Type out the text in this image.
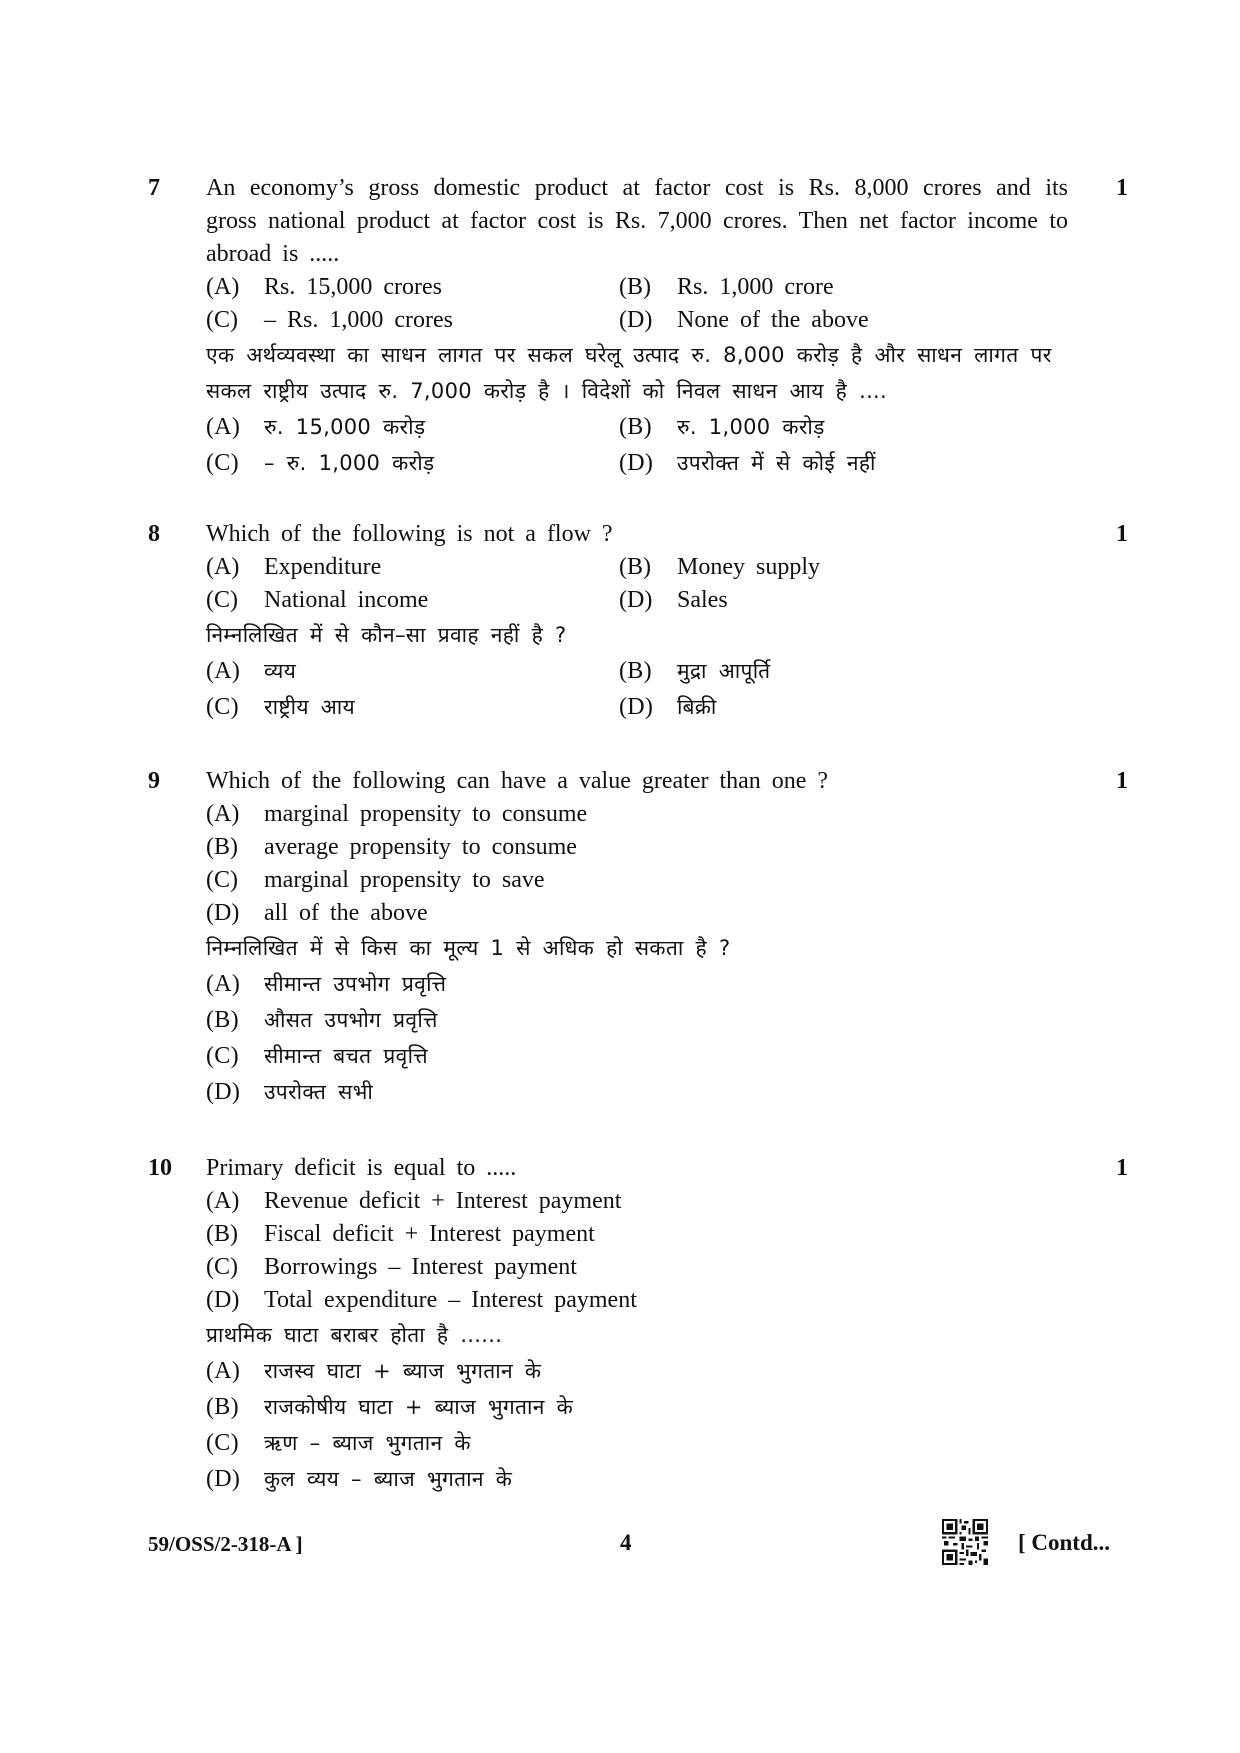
7	1
An economy’s gross domestic product at factor cost is Rs. 8,000 crores and its gross national product at factor cost is Rs. 7,000 crores. Then net factor income to abroad is .....
(A) Rs. 15,000 crores	(B) Rs. 1,000 crore
(C) – Rs. 1,000 crores	(D) None of the above
एक अर्थव्यवस्था का साधन लागत पर सकल घरेलू उत्पाद रु. 8,000 करोड़ है और साधन लागत पर सकल राष्ट्रीय उत्पाद रु. 7,000 करोड़ है । विदेशों को निवल साधन आय है ....
(A) रु. 15,000 करोड़	(B) रु. 1,000 करोड़
(C) – रु. 1,000 करोड़	(D) उपरोक्त में से कोई नहीं
8	1
Which of the following is not a flow ?
(A) Expenditure	(B) Money supply
(C) National income	(D) Sales
निम्नलिखित में से कौन–सा प्रवाह नहीं है ?
(A) व्यय	(B) मुद्रा आपूर्ति
(C) राष्ट्रीय आय	(D) बिक्री
9	1
Which of the following can have a value greater than one ?
(A) marginal propensity to consume
(B) average propensity to consume
(C) marginal propensity to save
(D) all of the above
निम्नलिखित में से किस का मूल्य 1 से अधिक हो सकता है ?
(A) सीमान्त उपभोग प्रवृत्ति
(B) औसत उपभोग प्रवृत्ति
(C) सीमान्त बचत प्रवृत्ति
(D) उपरोक्त सभी
10	1
Primary deficit is equal to .....
(A) Revenue deficit + Interest payment
(B) Fiscal deficit + Interest payment
(C) Borrowings – Interest payment
(D) Total expenditure – Interest payment
प्राथमिक घाटा बराबर होता है ......
(A) राजस्व घाटा + ब्याज भुगतान के
(B) राजकोषीय घाटा + ब्याज भुगतान के
(C) ऋण – ब्याज भुगतान के
(D) कुल व्यय – ब्याज भुगतान के
59/OSS/2-318-A ]	4	[ Contd...
